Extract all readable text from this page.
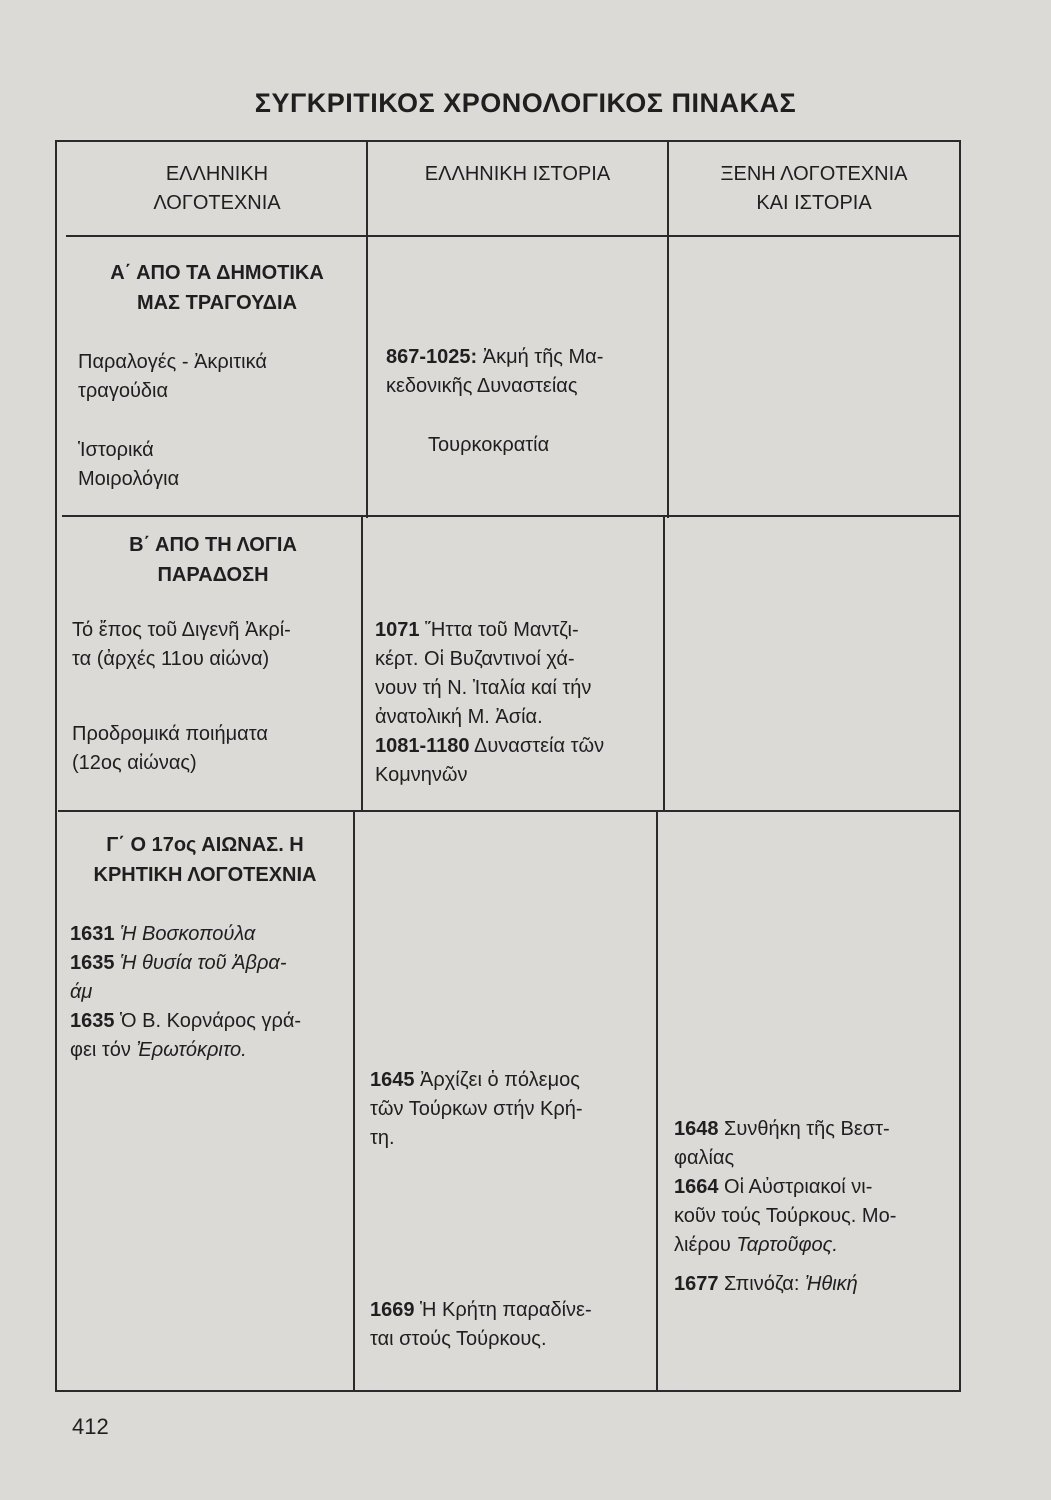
ΣΥΓΚΡΙΤΙΚΟΣ ΧΡΟΝΟΛΟΓΙΚΟΣ ΠΙΝΑΚΑΣ

ΕΛΛΗΝΙΚΗ

ΛΟΓΟΤΕΧΝΙΑ

ΕΛΛΗΝΙΚΗ ΙΣΤΟΡΙΑ	ΞΕΝΗ ΛΟΓΟΤΕΧΝΙΑ

ΚΑΙ ΙΣΤΟΡΙΑ

Α΄ ΑΠΟ ΤΑ ΔΗΜΟΤΙΚΑ

ΜΑΣ ΤΡΑΓΟΥΔΙΑ

Παραλογές - Ἀκριτικά

τραγούδια

Ἱστορικά

Μοιρολόγια

867-1025: Ἀκμή τῆς Μα-

κεδονικῆς Δυναστείας

Τουρκοκρατία

Β΄ ΑΠΟ ΤΗ ΛΟΓΙΑ

ΠΑΡΑΔΟΣΗ

Τό ἔπος τοῦ Διγενῆ Ἀκρί-

τα (ἀρχές 11ου αἰώνα)

Προδρομικά ποιήματα

(12ος αἰώνας)

1071 Ἥττα τοῦ Μαντζι-

κέρτ. Οἱ Βυζαντινοί χά-

νουν τή Ν. Ἰταλία καί τήν

ἀνατολική Μ. Ἀσία.

1081-1180 Δυναστεία τῶν

Κομνηνῶν

Γ΄ Ο 17ος ΑΙΩΝΑΣ. Η

ΚΡΗΤΙΚΗ ΛΟΓΟΤΕΧΝΙΑ

1631 Ἡ Βοσκοπούλα

1635 Ἡ θυσία τοῦ Ἀβρα-

άμ

1635 Ὁ Β. Κορνάρος γρά-

φει τόν Ἐρωτόκριτο.

1645 Ἀρχίζει ὁ πόλεμος

τῶν Τούρκων στήν Κρή-

τη.

1669 Ἡ Κρήτη παραδίνε-

ται στούς Τούρκους.

1648 Συνθήκη τῆς Βεστ-

φαλίας

1664 Οἱ Αὐστριακοί νι-

κοῦν τούς Τούρκους. Μο-

λιέρου Ταρτοῦφος.

1677 Σπινόζα: Ἠθική

412
